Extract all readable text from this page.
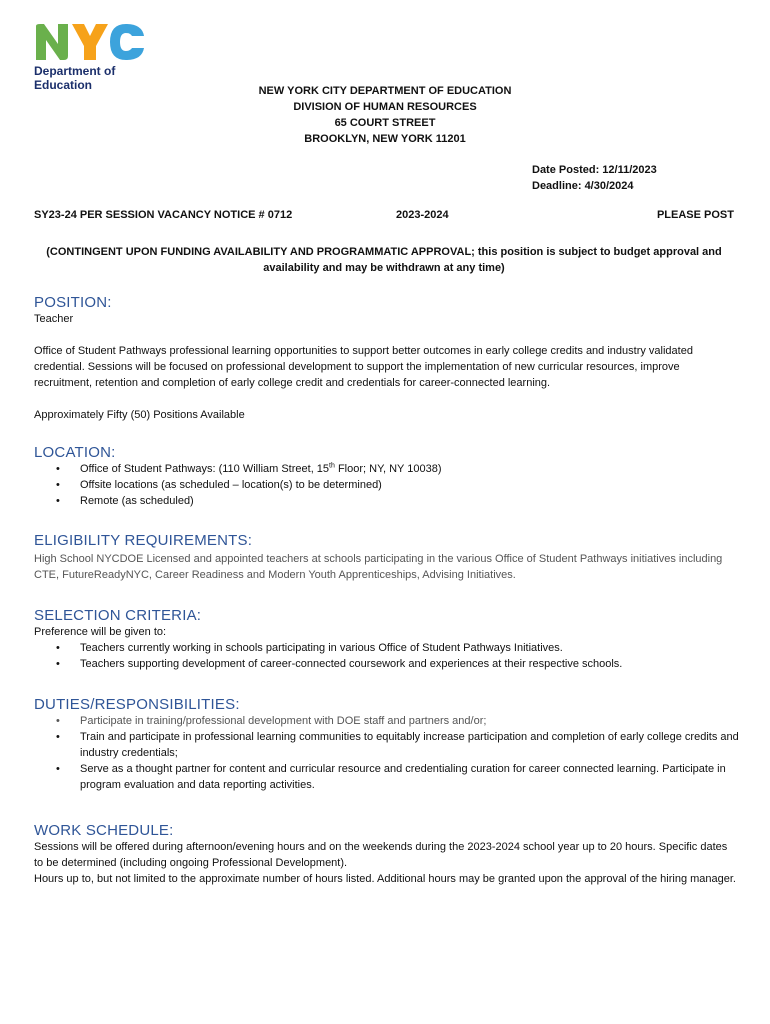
Department of
Education	NEW YORK CITY DEPARTMENT OF EDUCATION
DIVISION OF HUMAN RESOURCES
65 COURT STREET
BROOKLYN, NEW YORK 11201
Date Posted: 12/11/2023
Deadline: 4/30/2024
SY23-24 PER SESSION VACANCY NOTICE # 0712	2023-2024	PLEASE POST
(CONTINGENT UPON FUNDING AVAILABILITY AND PROGRAMMATIC APPROVAL; this position is subject to budget approval and
availability and may be withdrawn at any time)
POSITION:

Teacher

Office of Student Pathways professional learning opportunities to support better outcomes in early college credits and industry validated credential. Sessions will be focused on professional development to support the implementation of new curricular resources, improve recruitment, retention and completion of early college credit and credentials for career-connected learning.

Approximately Fifty (50) Positions Available

LOCATION:
• Office of Student Pathways: (110 William Street, 15th Floor; NY, NY 10038)
• Offsite locations (as scheduled – location(s) to be determined)
• Remote (as scheduled)
ELIGIBILITY REQUIREMENTS:

High School NYCDOE Licensed and appointed teachers at schools participating in the various Office of Student Pathways initiatives including CTE, FutureReadyNYC, Career Readiness and Modern Youth Apprenticeships, Advising Initiatives.

SELECTION CRITERIA:

Preference will be given to:

• Teachers currently working in schools participating in various Office of Student Pathways Initiatives.
• Teachers supporting development of career-connected coursework and experiences at their respective schools.
DUTIES/RESPONSIBILITIES:
• Participate in training/professional development with DOE staff and partners and/or;
• Train and participate in professional learning communities to equitably increase participation and completion of early college credits and industry credentials;
• Serve as a thought partner for content and curricular resource and credentialing curation for career connected learning. Participate in program evaluation and data reporting activities.
WORK SCHEDULE:

Sessions will be offered during afternoon/evening hours and on the weekends during the 2023-2024 school year up to 20 hours. Specific dates to be determined (including ongoing Professional Development).

Hours up to, but not limited to the approximate number of hours listed. Additional hours may be granted upon the approval of the hiring manager.
